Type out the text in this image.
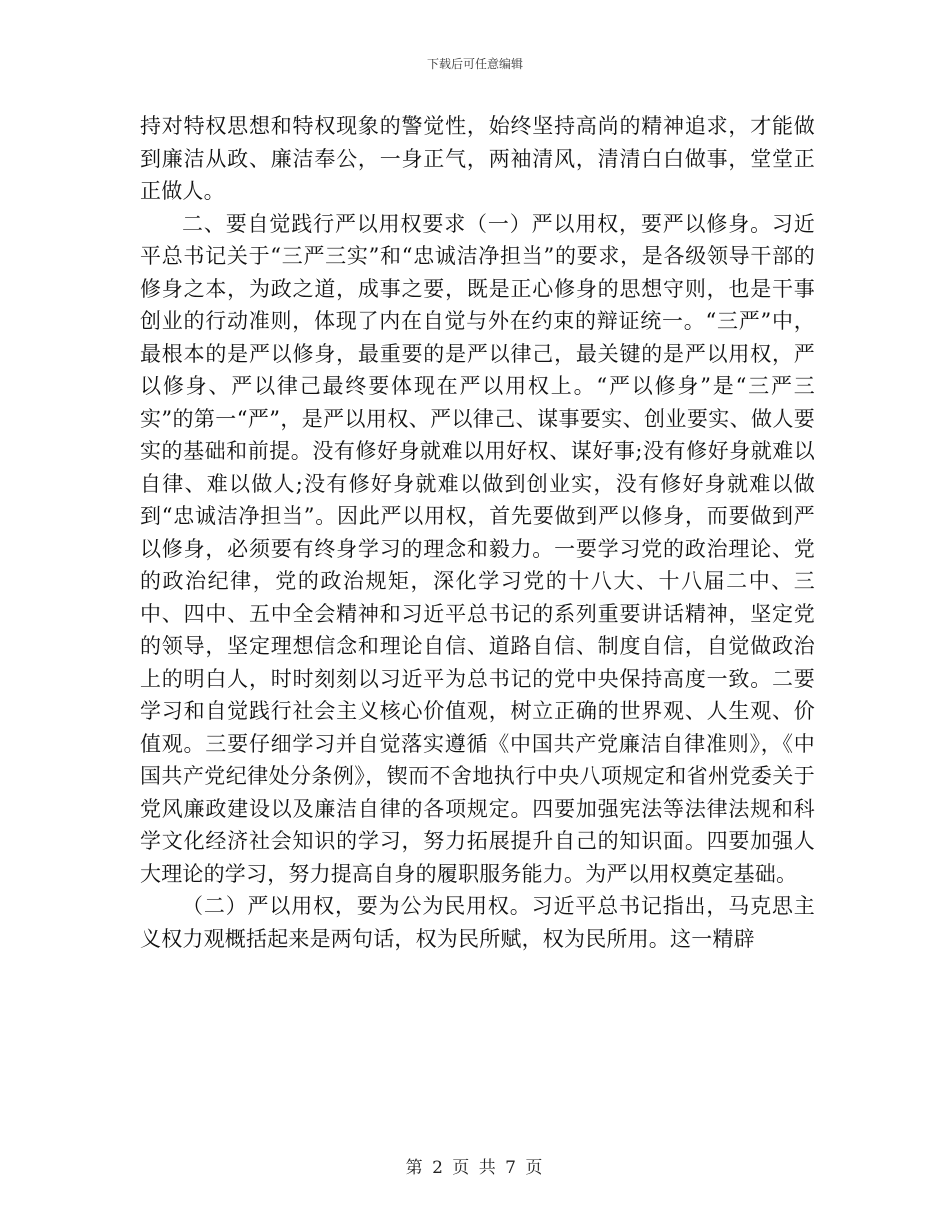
下载后可任意编辑

持对特权思想和特权现象的警觉性，始终坚持高尚的精神追求，才能做到廉洁从政、廉洁奉公，一身正气，两袖清风，清清白白做事，堂堂正正做人。

二、要自觉践行严以用权要求（一）严以用权，要严以修身。习近平总书记关于“三严三实”和“忠诚洁净担当”的要求，是各级领导干部的修身之本，为政之道，成事之要，既是正心修身的思想守则，也是干事创业的行动准则，体现了内在自觉与外在约束的辩证统一。“三严”中，最根本的是严以修身，最重要的是严以律己，最关键的是严以用权，严以修身、严以律己最终要体现在严以用权上。“严以修身”是“三严三实”的第一“严”，是严以用权、严以律己、谋事要实、创业要实、做人要实的基础和前提。没有修好身就难以用好权、谋好事;没有修好身就难以自律、难以做人;没有修好身就难以做到创业实，没有修好身就难以做到“忠诚洁净担当”。因此严以用权，首先要做到严以修身，而要做到严以修身，必须要有终身学习的理念和毅力。一要学习党的政治理论、党的政治纪律，党的政治规矩，深化学习党的十八大、十八届二中、三中、四中、五中全会精神和习近平总书记的系列重要讲话精神，坚定党的领导，坚定理想信念和理论自信、道路自信、制度自信，自觉做政治上的明白人，时时刻刻以习近平为总书记的党中央保持高度一致。二要学习和自觉践行社会主义核心价值观，树立正确的世界观、人生观、价值观。三要仔细学习并自觉落实遵循《中国共产党廉洁自律准则》，《中国共产党纪律处分条例》，锲而不舍地执行中央八项规定和省州党委关于党风廉政建设以及廉洁自律的各项规定。四要加强宪法等法律法规和科学文化经济社会知识的学习，努力拓展提升自己的知识面。四要加强人大理论的学习，努力提高自身的履职服务能力。为严以用权奠定基础。

（二）严以用权，要为公为民用权。习近平总书记指出，马克思主义权力观概括起来是两句话，权为民所赋，权为民所用。这一精辟

第 2 页 共 7 页
